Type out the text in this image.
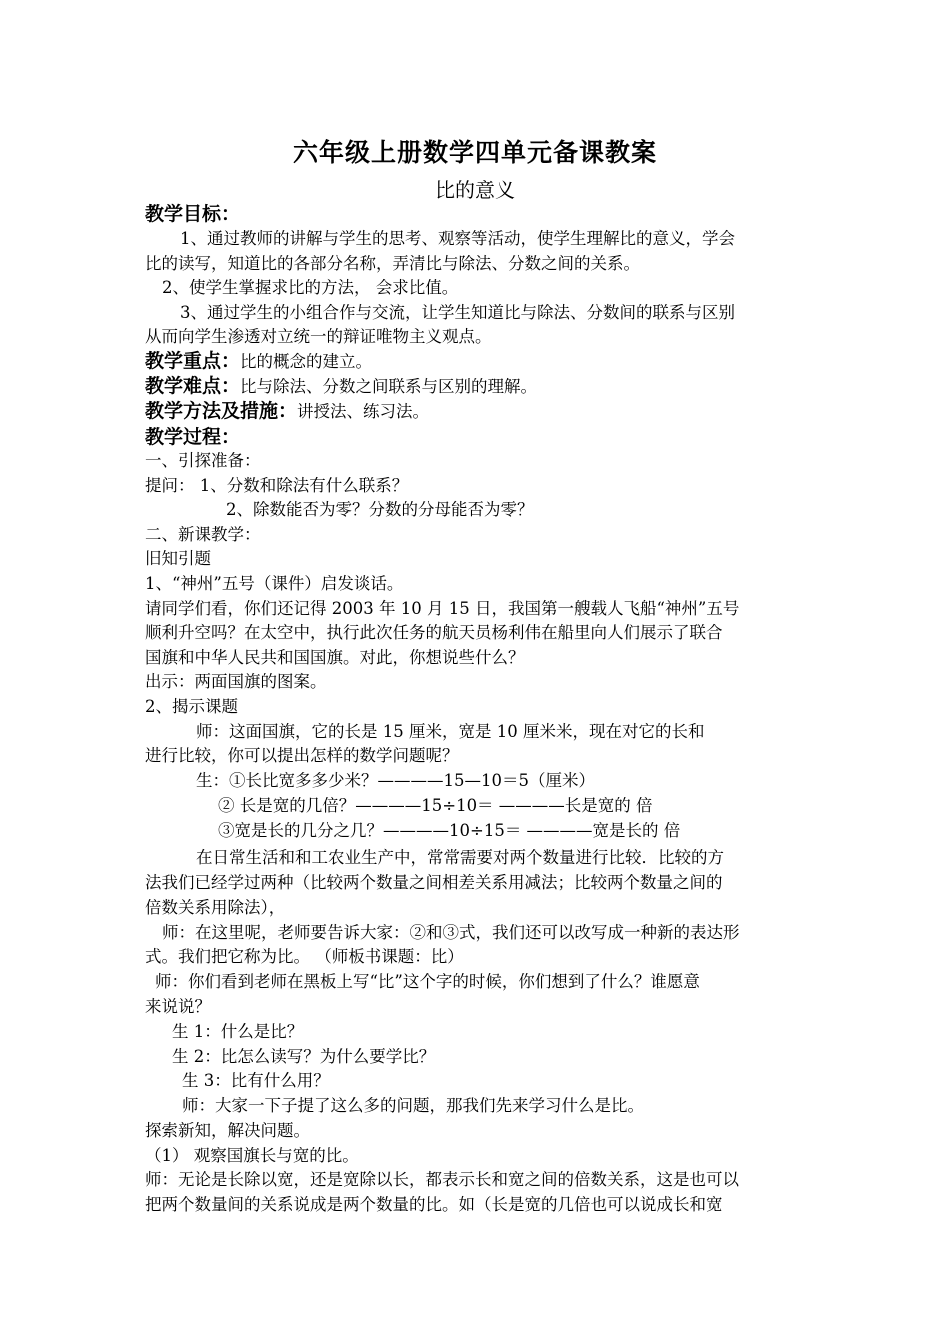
六年级上册数学四单元备课教案
比的意义
教学目标：
1、通过教师的讲解与学生的思考、观察等活动，使学生理解比的意义，学会
比的读写，知道比的各部分名称，弄清比与除法、分数之间的关系。
2、使学生掌握求比的方法， 会求比值。
3、通过学生的小组合作与交流，让学生知道比与除法、分数间的联系与区别
从而向学生渗透对立统一的辩证唯物主义观点。
教学重点：比的概念的建立。
教学难点：比与除法、分数之间联系与区别的理解。
教学方法及措施：讲授法、练习法。
教学过程：
一、引探准备：
提问： 1、分数和除法有什么联系？
2、除数能否为零？分数的分母能否为零？
二、新课教学：
旧知引题
1、“神州”五号（课件）启发谈话。
请同学们看，你们还记得 2003 年 10 月 15 日，我国第一艘载人飞船“神州”五号
顺利升空吗？在太空中，执行此次任务的航天员杨利伟在船里向人们展示了联合
国旗和中华人民共和国国旗。对此，你想说些什么？
出示：两面国旗的图案。
2、揭示课题
师：这面国旗，它的长是 15 厘米，宽是 10 厘米米，现在对它的长和
进行比较，你可以提出怎样的数学问题呢？
生：①长比宽多多少米？————15—10＝5（厘米）
② 长是宽的几倍？————15÷10＝ ————长是宽的 倍
③宽是长的几分之几？————10÷15＝ ————宽是长的 倍
在日常生活和和工农业生产中，常常需要对两个数量进行比较．比较的方
法我们已经学过两种（比较两个数量之间相差关系用减法；比较两个数量之间的
倍数关系用除法），
师：在这里呢，老师要告诉大家：②和③式，我们还可以改写成一种新的表达形
式。我们把它称为比。 （师板书课题：比）
师：你们看到老师在黑板上写“比”这个字的时候，你们想到了什么？谁愿意
来说说？
生 1：什么是比？
生 2：比怎么读写？为什么要学比？
生 3：比有什么用？
师：大家一下子提了这么多的问题，那我们先来学习什么是比。
探索新知，解决问题。
（1） 观察国旗长与宽的比。
师：无论是长除以宽，还是宽除以长，都表示长和宽之间的倍数关系，这是也可以
把两个数量间的关系说成是两个数量的比。如（长是宽的几倍也可以说成长和宽
